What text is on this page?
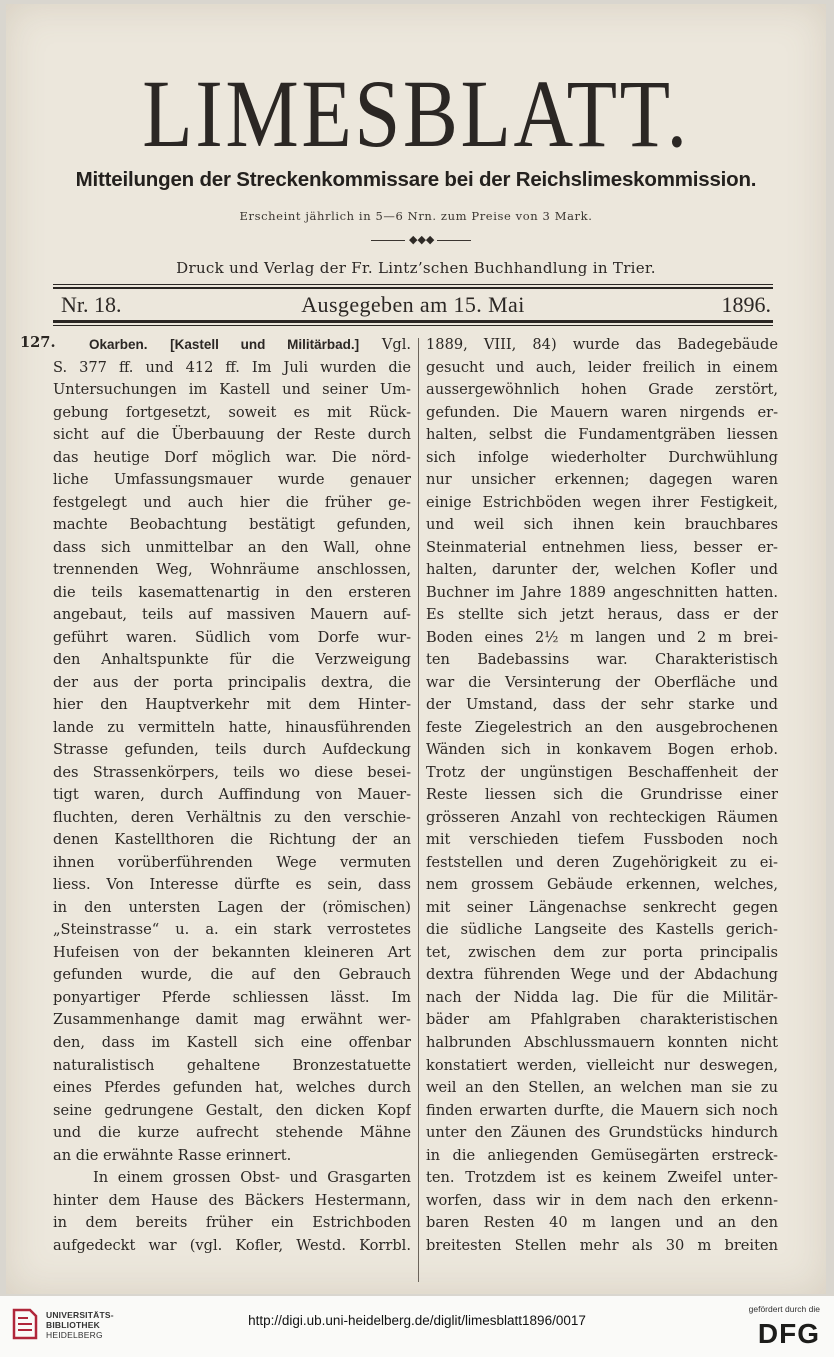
LIMESBLATT.
Mitteilungen der Streckenkommissare bei der Reichslimeskommission.
Erscheint jährlich in 5—6 Nrn. zum Preise von 3 Mark.
◆◆◆
Druck und Verlag der Fr. Lintz’schen Buchhandlung in Trier.
Nr. 18.	Ausgegeben am 15. Mai	1896.
127.	Okarben. [Kastell und Militärbad.] Vgl.
S. 377 ff. und 412 ff. Im Juli wurden die
Untersuchungen im Kastell und seiner Um-
gebung fortgesetzt, soweit es mit Rück-
sicht auf die Überbauung der Reste durch
das heutige Dorf möglich war. Die nörd-
liche Umfassungsmauer wurde genauer
festgelegt und auch hier die früher ge-
machte Beobachtung bestätigt gefunden,
dass sich unmittelbar an den Wall, ohne
trennenden Weg, Wohnräume anschlossen,
die teils kasemattenartig in den ersteren
angebaut, teils auf massiven Mauern auf-
geführt waren. Südlich vom Dorfe wur-
den Anhaltspunkte für die Verzweigung
der aus der porta principalis dextra, die
hier den Hauptverkehr mit dem Hinter-
lande zu vermitteln hatte, hinausführenden
Strasse gefunden, teils durch Aufdeckung
des Strassenkörpers, teils wo diese besei-
tigt waren, durch Auffindung von Mauer-
fluchten, deren Verhältnis zu den verschie-
denen Kastellthoren die Richtung der an
ihnen vorüberführenden Wege vermuten
liess. Von Interesse dürfte es sein, dass
in den untersten Lagen der (römischen)
„Steinstrasse“ u. a. ein stark verrostetes
Hufeisen von der bekannten kleineren Art
gefunden wurde, die auf den Gebrauch
ponyartiger Pferde schliessen lässt. Im
Zusammenhange damit mag erwähnt wer-
den, dass im Kastell sich eine offenbar
naturalistisch gehaltene Bronzestatuette
eines Pferdes gefunden hat, welches durch
seine gedrungene Gestalt, den dicken Kopf
und die kurze aufrecht stehende Mähne
an die erwähnte Rasse erinnert.
In einem grossen Obst- und Grasgarten
hinter dem Hause des Bäckers Hestermann,
in dem bereits früher ein Estrichboden
aufgedeckt war (vgl. Kofler, Westd. Korrbl.
1889, VIII, 84) wurde das Badegebäude
gesucht und auch, leider freilich in einem
aussergewöhnlich hohen Grade zerstört,
gefunden. Die Mauern waren nirgends er-
halten, selbst die Fundamentgräben liessen
sich infolge wiederholter Durchwühlung
nur unsicher erkennen; dagegen waren
einige Estrichböden wegen ihrer Festigkeit,
und weil sich ihnen kein brauchbares
Steinmaterial entnehmen liess, besser er-
halten, darunter der, welchen Kofler und
Buchner im Jahre 1889 angeschnitten hatten.
Es stellte sich jetzt heraus, dass er der
Boden eines 2½ m langen und 2 m brei-
ten Badebassins war. Charakteristisch
war die Versinterung der Oberfläche und
der Umstand, dass der sehr starke und
feste Ziegelestrich an den ausgebrochenen
Wänden sich in konkavem Bogen erhob.
Trotz der ungünstigen Beschaffenheit der
Reste liessen sich die Grundrisse einer
grösseren Anzahl von rechteckigen Räumen
mit verschieden tiefem Fussboden noch
feststellen und deren Zugehörigkeit zu ei-
nem grossem Gebäude erkennen, welches,
mit seiner Längenachse senkrecht gegen
die südliche Langseite des Kastells gerich-
tet, zwischen dem zur porta principalis
dextra führenden Wege und der Abdachung
nach der Nidda lag. Die für die Militär-
bäder am Pfahlgraben charakteristischen
halbrunden Abschlussmauern konnten nicht
konstatiert werden, vielleicht nur deswegen,
weil an den Stellen, an welchen man sie zu
finden erwarten durfte, die Mauern sich noch
unter den Zäunen des Grundstücks hindurch
in die anliegenden Gemüsegärten erstreck-
ten. Trotzdem ist es keinem Zweifel unter-
worfen, dass wir in dem nach den erkenn-
baren Resten 40 m langen und an den
breitesten Stellen mehr als 30 m breiten
UNIVERSITÄTS-
BIBLIOTHEK
HEIDELBERG
http://digi.ub.uni-heidelberg.de/diglit/limesblatt1896/0017
gefördert durch die
DFG
